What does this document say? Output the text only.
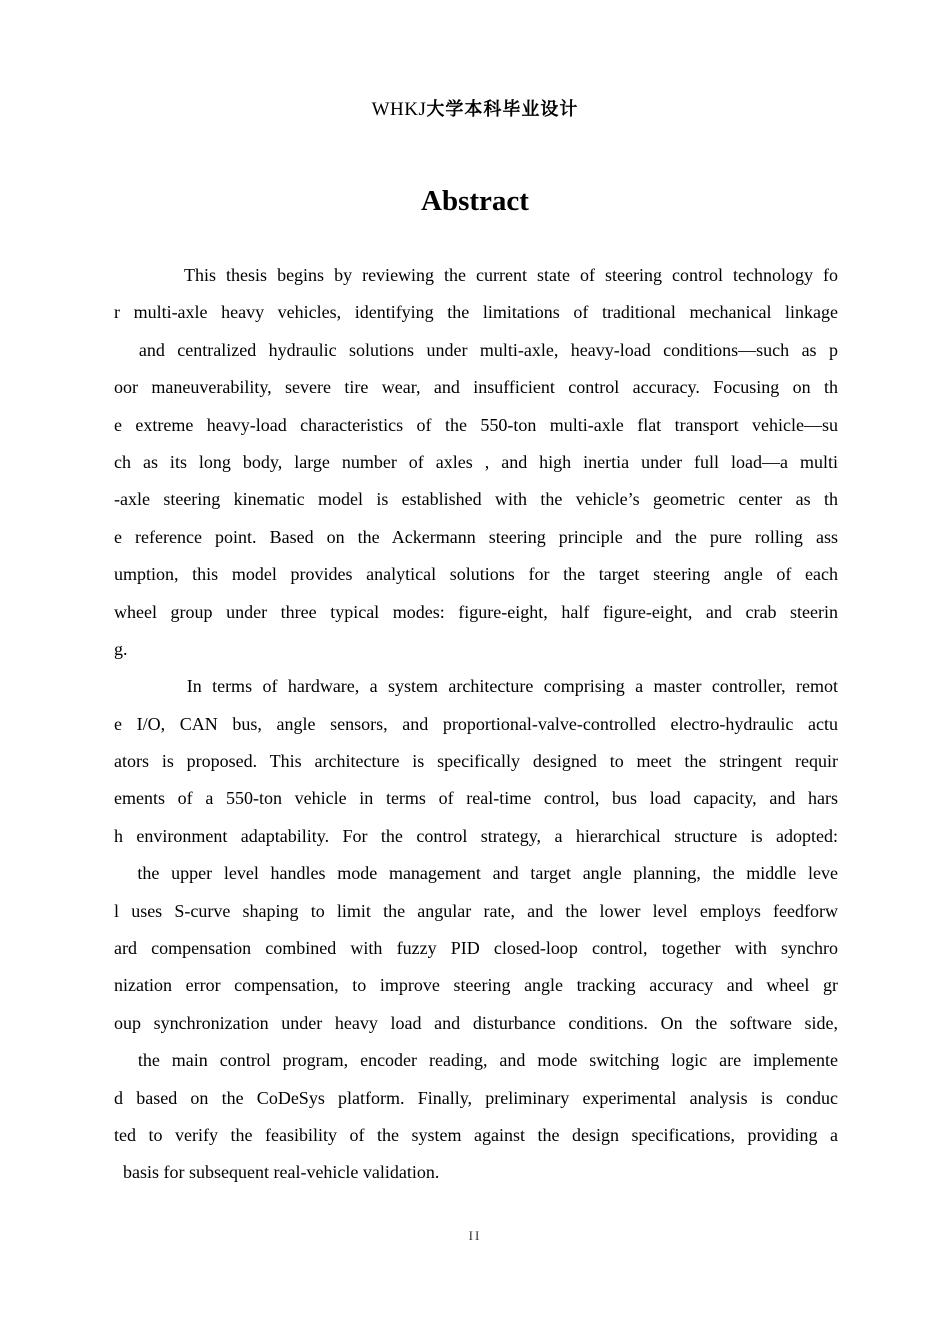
WHKJ大学本科毕业设计
Abstract
This thesis begins by reviewing the current state of steering control technology fo
r multi-axle heavy vehicles, identifying the limitations of traditional mechanical linkage
and centralized hydraulic solutions under multi-axle, heavy-load conditions—such as p
oor maneuverability, severe tire wear, and insufficient control accuracy. Focusing on th
e extreme heavy-load characteristics of the 550-ton multi-axle flat transport vehicle—su
ch as its long body, large number of axles , and high inertia under full load—a multi
-axle steering kinematic model is established with the vehicle’s geometric center as th
e reference point. Based on the Ackermann steering principle and the pure rolling ass
umption, this model provides analytical solutions for the target steering angle of each
wheel group under three typical modes: figure-eight, half figure-eight, and crab steerin
g.
In terms of hardware, a system architecture comprising a master controller, remot
e I/O, CAN bus, angle sensors, and proportional-valve-controlled electro-hydraulic actu
ators is proposed. This architecture is specifically designed to meet the stringent requir
ements of a 550-ton vehicle in terms of real-time control, bus load capacity, and hars
h environment adaptability. For the control strategy, a hierarchical structure is adopted:
the upper level handles mode management and target angle planning, the middle leve
l uses S-curve shaping to limit the angular rate, and the lower level employs feedforw
ard compensation combined with fuzzy PID closed-loop control, together with synchro
nization error compensation, to improve steering angle tracking accuracy and wheel gr
oup synchronization under heavy load and disturbance conditions. On the software side,
the main control program, encoder reading, and mode switching logic are implemente
d based on the CoDeSys platform. Finally, preliminary experimental analysis is conduc
ted to verify the feasibility of the system against the design specifications, providing a
basis for subsequent real-vehicle validation.
II
